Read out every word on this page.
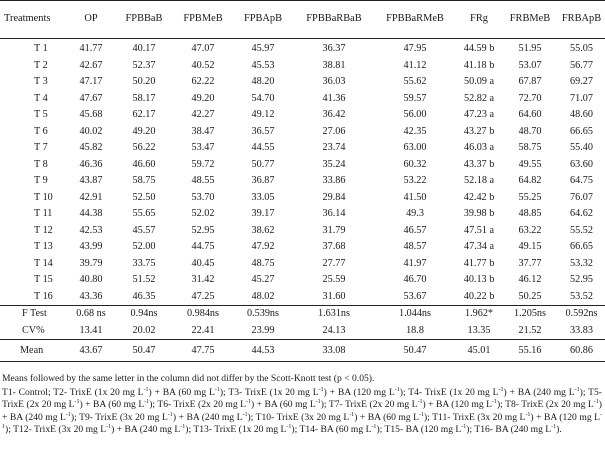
Treatments	OP	FPBBaB	FPBMeB	FPBApB	FPBBaRBaB	FPBBaRMeB	FRg	FRBMeB	FRBApB
T 1	41.77	40.17	47.07	45.97	36.37	47.95	44.59 b	51.95	55.05
T 2	42.67	52.37	40.52	45.53	38.81	41.12	41.18 b	53.07	56.77
T 3	47.17	50.20	62.22	48.20	36.03	55.62	50.09 a	67.87	69.27
T 4	47.67	58.17	49.20	54.70	41.36	59.57	52.82 a	72.70	71.07
T 5	45.68	62.17	42.27	49.12	36.42	56.00	47.23 a	64.60	48.60
T 6	40.02	49.20	38.47	36.57	27.06	42.35	43.27 b	48.70	66.65
T 7	45.82	56.22	53.47	44.55	23.74	63.00	46.03 a	58.75	55.40
T 8	46.36	46.60	59.72	50.77	35.24	60.32	43.37 b	49.55	63.60
T 9	43.87	58.75	48.55	36.87	33.86	53.22	52.18 a	64.82	64.75
T 10	42.91	52.50	53.70	33.05	29.84	41.50	42.42 b	55.25	76.07
T 11	44.38	55.65	52.02	39.17	36.14	49.3	39.98 b	48.85	64.62
T 12	42.53	45.57	52.95	38.62	31.79	46.57	47.51 a	63.22	55.52
T 13	43.99	52.00	44.75	47.92	37.68	48.57	47.34 a	49.15	66.65
T 14	39.79	33.75	40.45	48.75	27.77	41.97	41.77 b	37.77	53.32
T 15	40.80	51.52	31.42	45.27	25.59	46.70	40.13 b	46.12	52.95
T 16	43.36	46.35	47.25	48.02	31.60	53.67	40.22 b	50.25	53.52
F Test	0.68 ns	0.94ns	0.984ns	0.539ns	1.631ns	1.044ns	1.962*	1.205ns	0.592ns
CV%	13.41	20.02	22.41	23.99	24.13	18.8	13.35	21.52	33.83
Mean	43.67	50.47	47.75	44.53	33.08	50.47	45.01	55.16	60.86

Means followed by the same letter in the column did not differ by the Scott-Knott test (p < 0.05).

T1- Control; T2- TrixE (1x 20 mg $L^{-1}$) + BA (60 mg $L^{-1}$); T3- TrixE (1x 20 mg $L^{-1}$) + BA (120 mg $L^{-1}$); T4- TrixE (1x 20 mg $L^{-1}$) + BA (240 mg $L^{-1}$); T5- TrixE (2x 20 mg $L^{-1}$) + BA (60 mg $L^{-1}$); T6- TrixE (2x 20 mg $L^{-1}$) + BA (60 mg $L^{-1}$); T7- TrixE (2x 20 mg $L^{-1}$) + BA (120 mg $L^{-1}$); T8- TrixE (2x 20 mg $L^{-1}$) + BA (240 mg $L^{-1}$); T9- TrixE (3x 20 mg $L^{-1}$) + BA (240 mg $L^{-1}$); T10- TrixE (3x 20 mg $L^{-1}$) + BA (60 mg $L^{-1}$); T11- TrixE (3x 20 mg $L^{-1}$) + BA (120 mg $L^{-1}$); T12- TrixE (3x 20 mg $L^{-1}$) + BA (240 mg $L^{-1}$); T13- TrixE (1x 20 mg $L^{-1}$); T14- BA (60 mg $L^{-1}$); T15- BA (120 mg $L^{-1}$); T16- BA (240 mg $L^{-1}$).
